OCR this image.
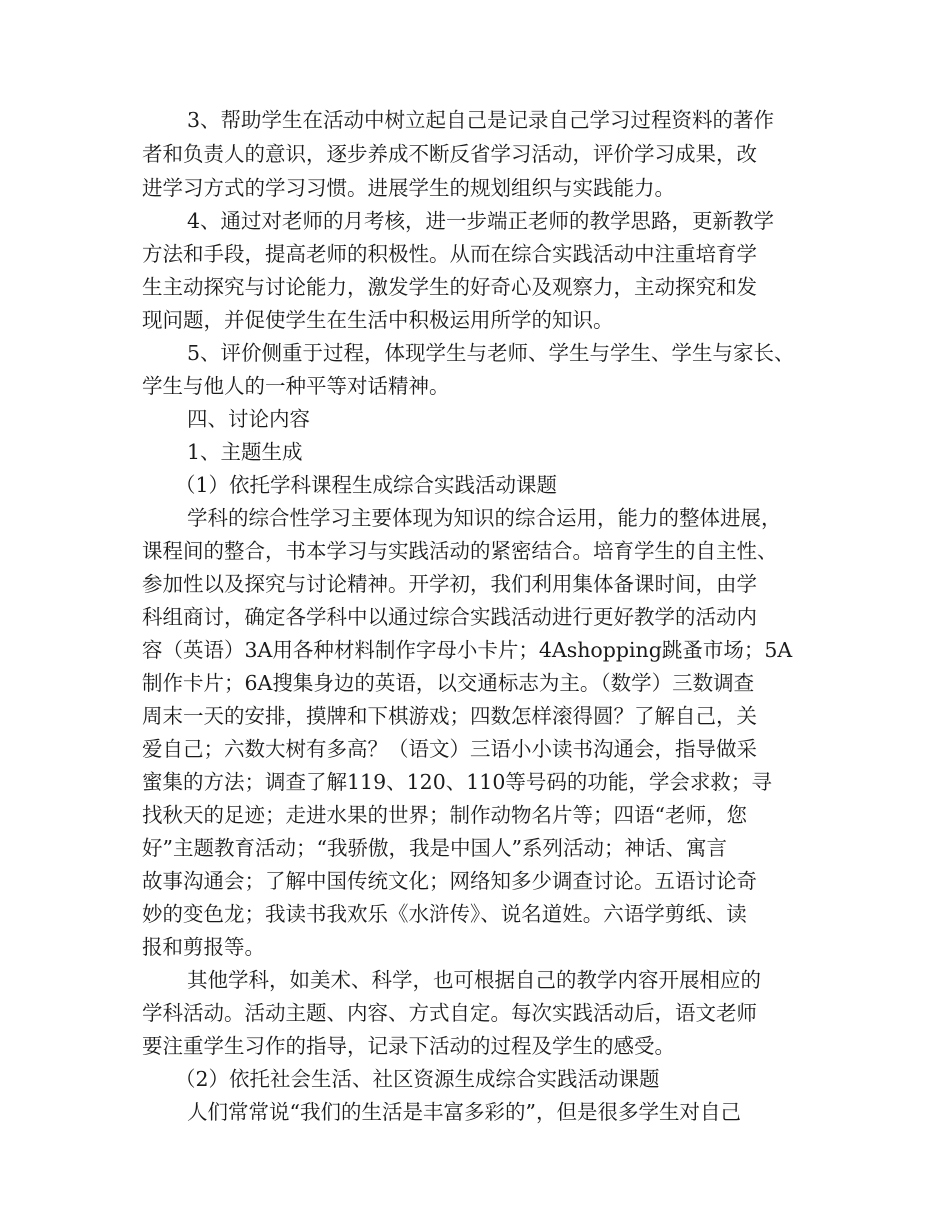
3、帮助学生在活动中树立起自己是记录自己学习过程资料的著作
者和负责人的意识，逐步养成不断反省学习活动，评价学习成果，改
进学习方式的学习习惯。进展学生的规划组织与实践能力。
4、通过对老师的月考核，进一步端正老师的教学思路，更新教学
方法和手段，提高老师的积极性。从而在综合实践活动中注重培育学
生主动探究与讨论能力，激发学生的好奇心及观察力，主动探究和发
现问题，并促使学生在生活中积极运用所学的知识。
5、评价侧重于过程，体现学生与老师、学生与学生、学生与家长、
学生与他人的一种平等对话精神。
四、讨论内容
1、主题生成
（1）依托学科课程生成综合实践活动课题
学科的综合性学习主要体现为知识的综合运用，能力的整体进展，
课程间的整合，书本学习与实践活动的紧密结合。培育学生的自主性、
参加性以及探究与讨论精神。开学初，我们利用集体备课时间，由学
科组商讨，确定各学科中以通过综合实践活动进行更好教学的活动内
容（英语）3A用各种材料制作字母小卡片；4Ashopping跳蚤市场；5A
制作卡片；6A搜集身边的英语，以交通标志为主。（数学）三数调查
周末一天的安排，摸牌和下棋游戏；四数怎样滚得圆？了解自己，关
爱自己；六数大树有多高？（语文）三语小小读书沟通会，指导做采
蜜集的方法；调查了解119、120、110等号码的功能，学会求救；寻
找秋天的足迹；走进水果的世界；制作动物名片等；四语“老师，您
好”主题教育活动；“我骄傲，我是中国人”系列活动；神话、寓言
故事沟通会；了解中国传统文化；网络知多少调查讨论。五语讨论奇
妙的变色龙；我读书我欢乐《水浒传》、说名道姓。六语学剪纸、读
报和剪报等。
其他学科，如美术、科学，也可根据自己的教学内容开展相应的
学科活动。活动主题、内容、方式自定。每次实践活动后，语文老师
要注重学生习作的指导，记录下活动的过程及学生的感受。
（2）依托社会生活、社区资源生成综合实践活动课题
人们常常说“我们的生活是丰富多彩的”，但是很多学生对自己
